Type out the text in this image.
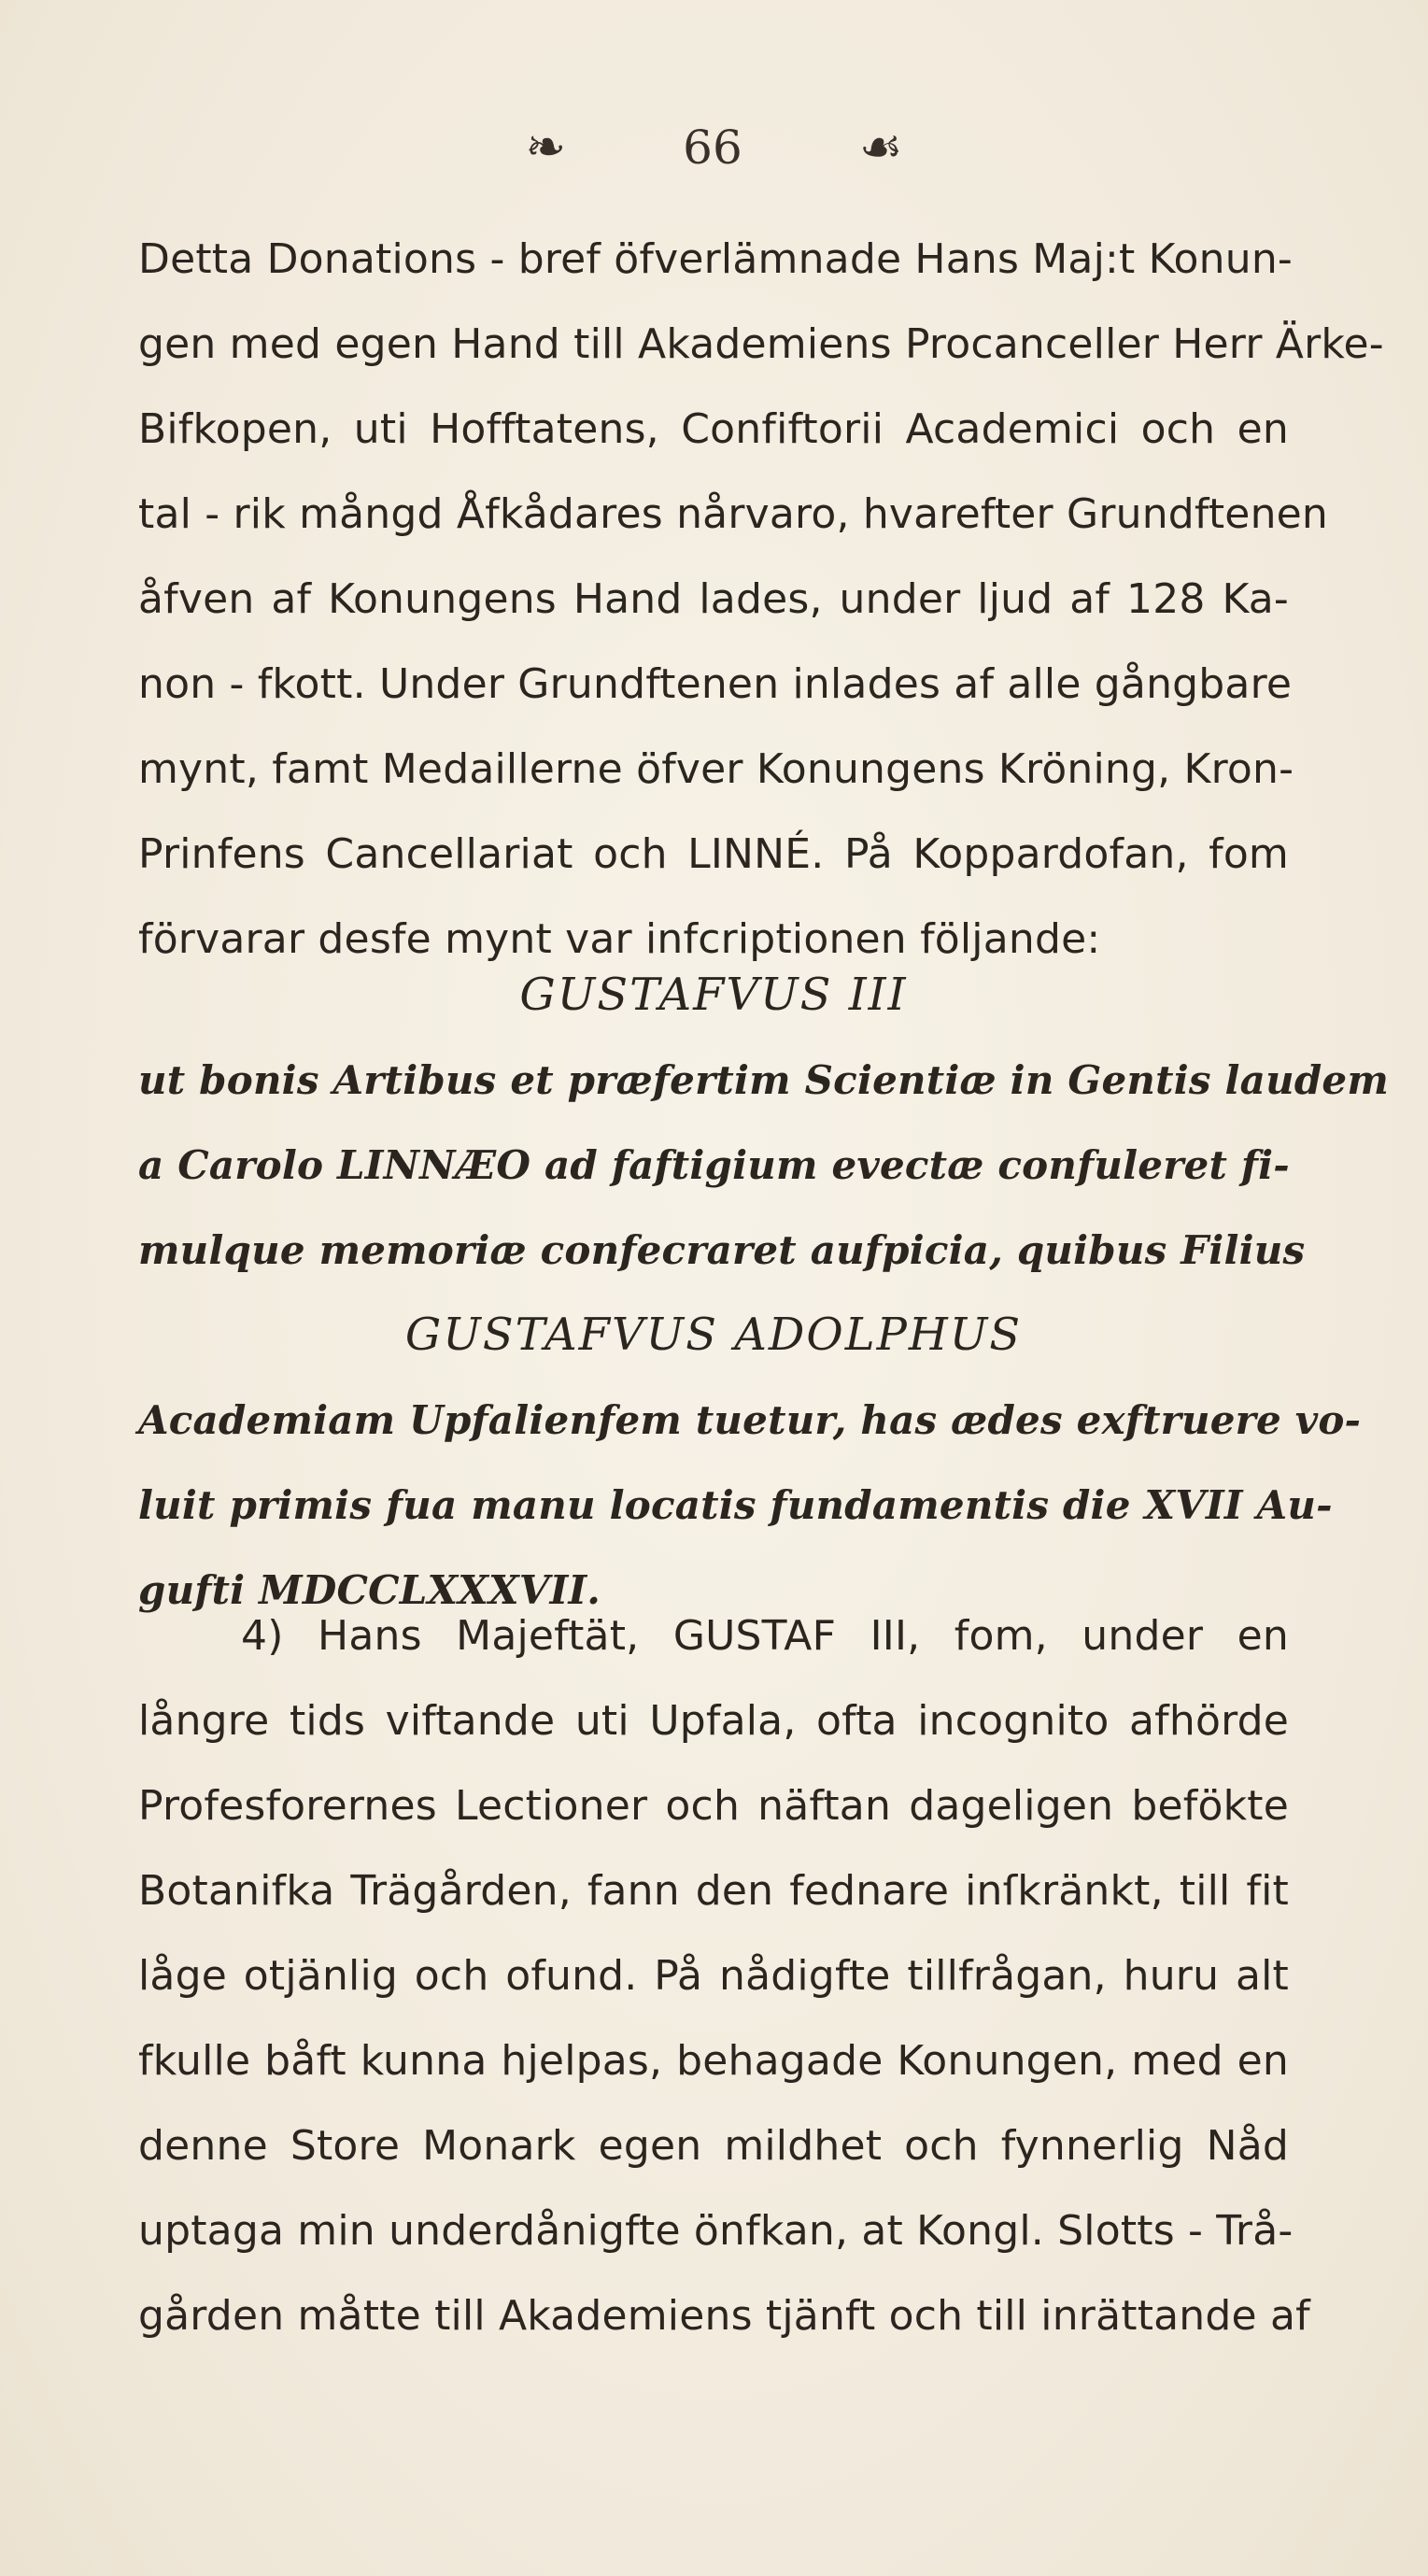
❧	66 ☙
Detta Donations - bref öfverlämnade Hans Maj:t Konun-
gen med egen Hand till Akademiens Procanceller Herr Ärke-
Bifkopen, uti Hofftatens, Confiftorii Academici och en
tal - rik mångd Åfkådares nårvaro, hvarefter Grundftenen
åfven af Konungens Hand lades, under ljud af 128 Ka-
non - fkott. Under Grundftenen inlades af alle gångbare
mynt, famt Medaillerne öfver Konungens Kröning, Kron-
Prinfens Cancellariat och LINNÉ. På Koppardofan, fom
förvarar desfe mynt var infcriptionen följande:
GUSTAFVUS III
ut bonis Artibus et præfertim Scientiæ in Gentis laudem
a Carolo LINNÆO ad faftigium evectæ confuleret fi-
mulque memoriæ confecraret aufpicia, quibus Filius
GUSTAFVUS ADOLPHUS
Academiam Upfalienfem tuetur, has ædes exftruere vo-
luit primis fua manu locatis fundamentis die XVII Au-
gufti MDCCLXXXVII.
4) Hans Majeftät, GUSTAF III, fom, under en
långre tids viftande uti Upfala, ofta incognito afhörde
Profesforernes Lectioner och näftan dageligen befökte
Botanifka Trägården, fann den fednare inſkränkt, till fit
låge otjänlig och ofund. På nådigfte tillfrågan, huru alt
fkulle båft kunna hjelpas, behagade Konungen, med en
denne Store Monark egen mildhet och fynnerlig Nåd
uptaga min underdånigfte önfkan, at Kongl. Slotts - Trå-
gården måtte till Akademiens tjänft och till inrättande af
